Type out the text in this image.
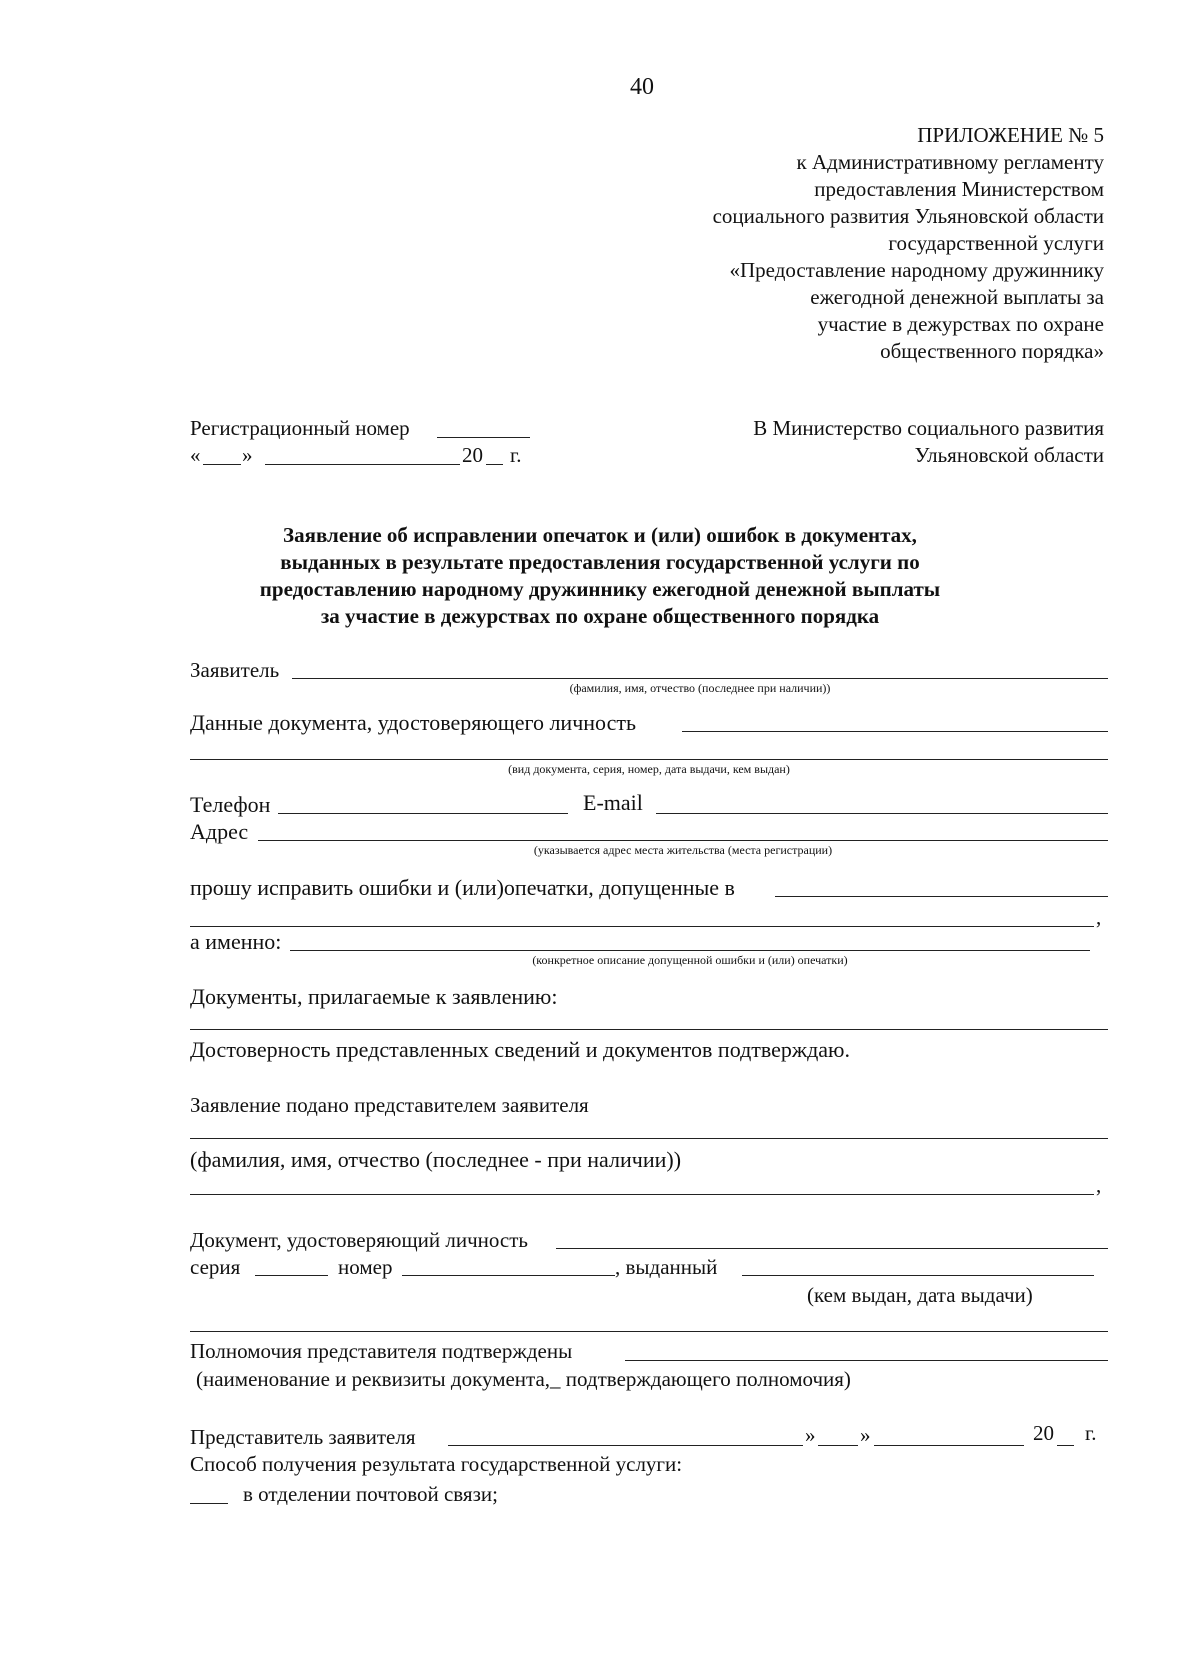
40
ПРИЛОЖЕНИЕ № 5
к Административному регламенту
предоставления Министерством
социального развития Ульяновской области
государственной услуги
«Предоставление народному дружиннику
ежегодной денежной выплаты за
участие в дежурствах по охране
общественного порядка»
Регистрационный номер
« »	20 г.
В Министерство социального развития
Ульяновской области
Заявление об исправлении опечаток и (или) ошибок в документах,
выданных в результате предоставления государственной услуги по
предоставлению народному дружиннику ежегодной денежной выплаты
за участие в дежурствах по охране общественного порядка
Заявитель
(фамилия, имя, отчество (последнее при наличии))
Данные документа, удостоверяющего личность
(вид документа, серия, номер, дата выдачи, кем выдан)
Телефон	E-mail
Адрес
(указывается адрес места жительства (места регистрации)
прошу исправить ошибки и (или)опечатки, допущенные в
,
а именно:
(конкретное описание допущенной ошибки и (или) опечатки)
Документы, прилагаемые к заявлению:
Достоверность представленных сведений и документов подтверждаю.
Заявление подано представителем заявителя
(фамилия, имя, отчество (последнее - при наличии))
,
Документ, удостоверяющий личность
серия	номер	, выданный
(кем выдан, дата выдачи)
Полномочия представителя подтверждены
(наименование и реквизиты документа,_ подтверждающего полномочия)
Представитель заявителя	» »	20 г.
Способ получения результата государственной услуги:
в отделении почтовой связи;
